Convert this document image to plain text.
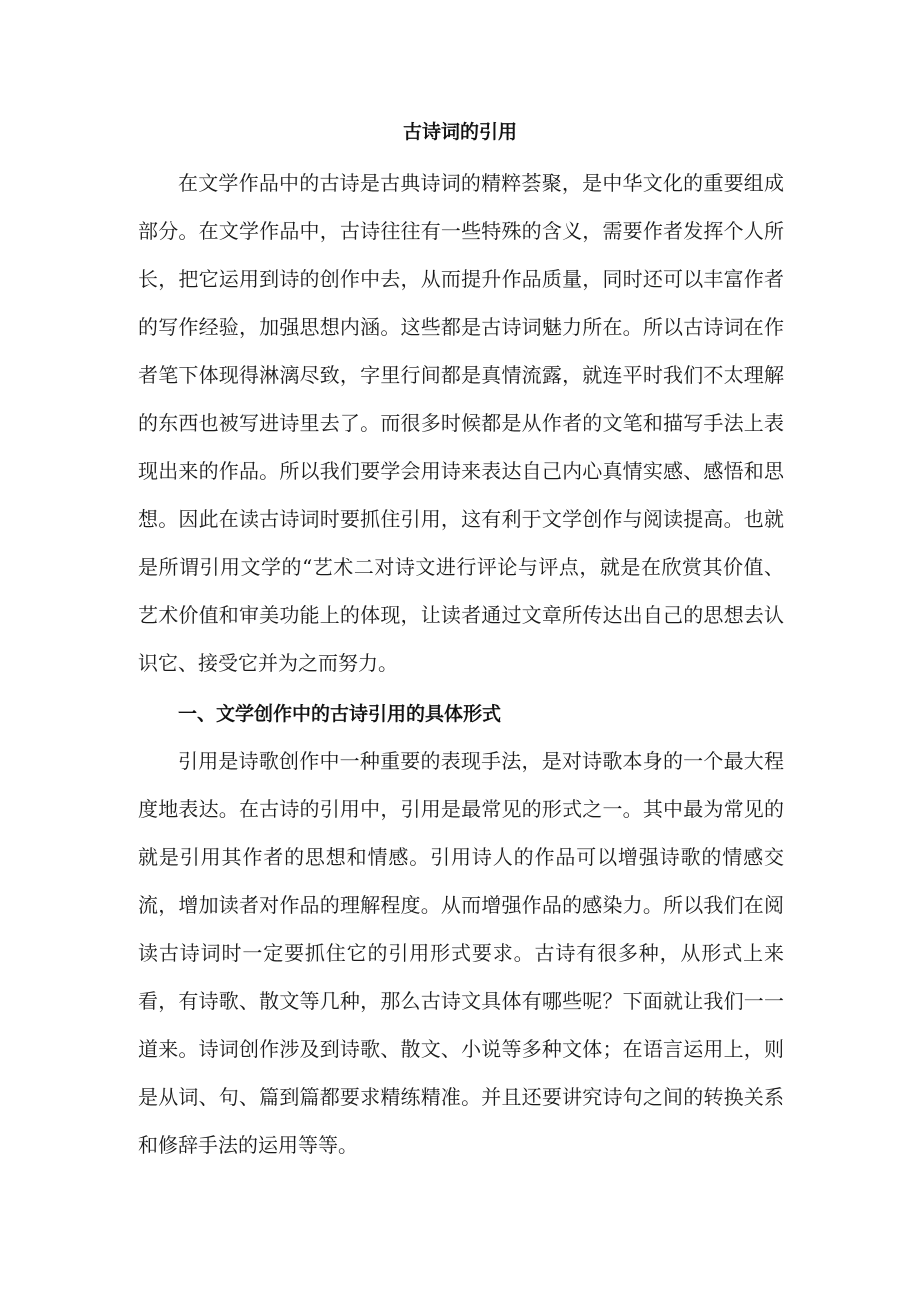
古诗词的引用

在文学作品中的古诗是古典诗词的精粹荟聚，是中华文化的重要组成部分。在文学作品中，古诗往往有一些特殊的含义，需要作者发挥个人所长，把它运用到诗的创作中去，从而提升作品质量，同时还可以丰富作者的写作经验，加强思想内涵。这些都是古诗词魅力所在。所以古诗词在作者笔下体现得淋漓尽致，字里行间都是真情流露，就连平时我们不太理解的东西也被写进诗里去了。而很多时候都是从作者的文笔和描写手法上表现出来的作品。所以我们要学会用诗来表达自己内心真情实感、感悟和思想。因此在读古诗词时要抓住引用，这有利于文学创作与阅读提高。也就是所谓引用文学的“艺术二对诗文进行评论与评点，就是在欣赏其价值、艺术价值和审美功能上的体现，让读者通过文章所传达出自己的思想去认识它、接受它并为之而努力。

一、文学创作中的古诗引用的具体形式

引用是诗歌创作中一种重要的表现手法，是对诗歌本身的一个最大程度地表达。在古诗的引用中，引用是最常见的形式之一。其中最为常见的就是引用其作者的思想和情感。引用诗人的作品可以增强诗歌的情感交流，增加读者对作品的理解程度。从而增强作品的感染力。所以我们在阅读古诗词时一定要抓住它的引用形式要求。古诗有很多种，从形式上来看，有诗歌、散文等几种，那么古诗文具体有哪些呢？下面就让我们一一道来。诗词创作涉及到诗歌、散文、小说等多种文体；在语言运用上，则是从词、句、篇到篇都要求精练精准。并且还要讲究诗句之间的转换关系和修辞手法的运用等等。
